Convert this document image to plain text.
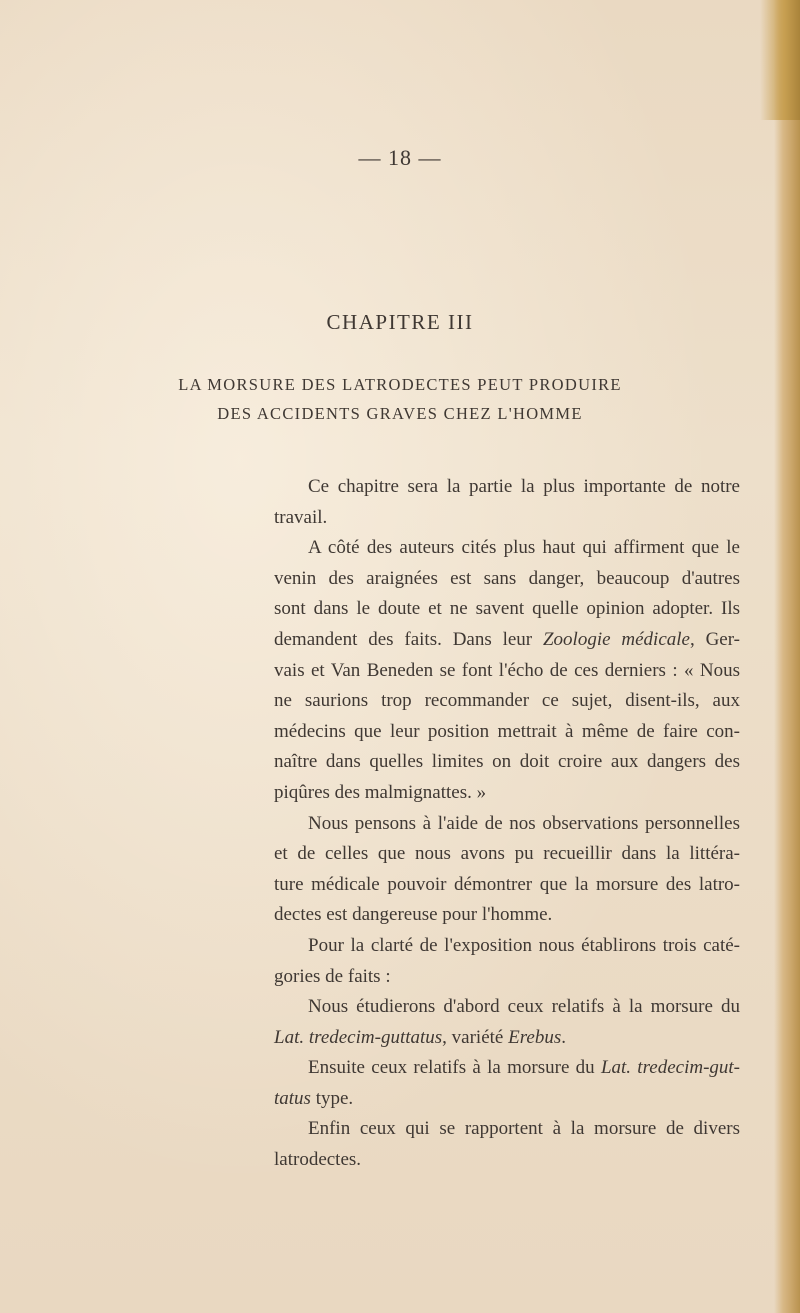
— 18 —
CHAPITRE III
LA MORSURE DES LATRODECTES PEUT PRODUIRE
DES ACCIDENTS GRAVES CHEZ L'HOMME
Ce chapitre sera la partie la plus importante de notre
travail.
A côté des auteurs cités plus haut qui affirment que le
venin des araignées est sans danger, beaucoup d'autres
sont dans le doute et ne savent quelle opinion adopter. Ils
demandent des faits. Dans leur Zoologie médicale, Ger-
vais et Van Beneden se font l'écho de ces derniers : « Nous
ne saurions trop recommander ce sujet, disent-ils, aux
médecins que leur position mettrait à même de faire con-
naître dans quelles limites on doit croire aux dangers des
piqûres des malmignattes. »
Nous pensons à l'aide de nos observations personnelles
et de celles que nous avons pu recueillir dans la littéra-
ture médicale pouvoir démontrer que la morsure des latro-
dectes est dangereuse pour l'homme.
Pour la clarté de l'exposition nous établirons trois caté-
gories de faits :
Nous étudierons d'abord ceux relatifs à la morsure du
Lat. tredecim-guttatus, variété Erebus.
Ensuite ceux relatifs à la morsure du Lat. tredecim-gut-
tatus type.
Enfin ceux qui se rapportent à la morsure de divers
latrodectes.
